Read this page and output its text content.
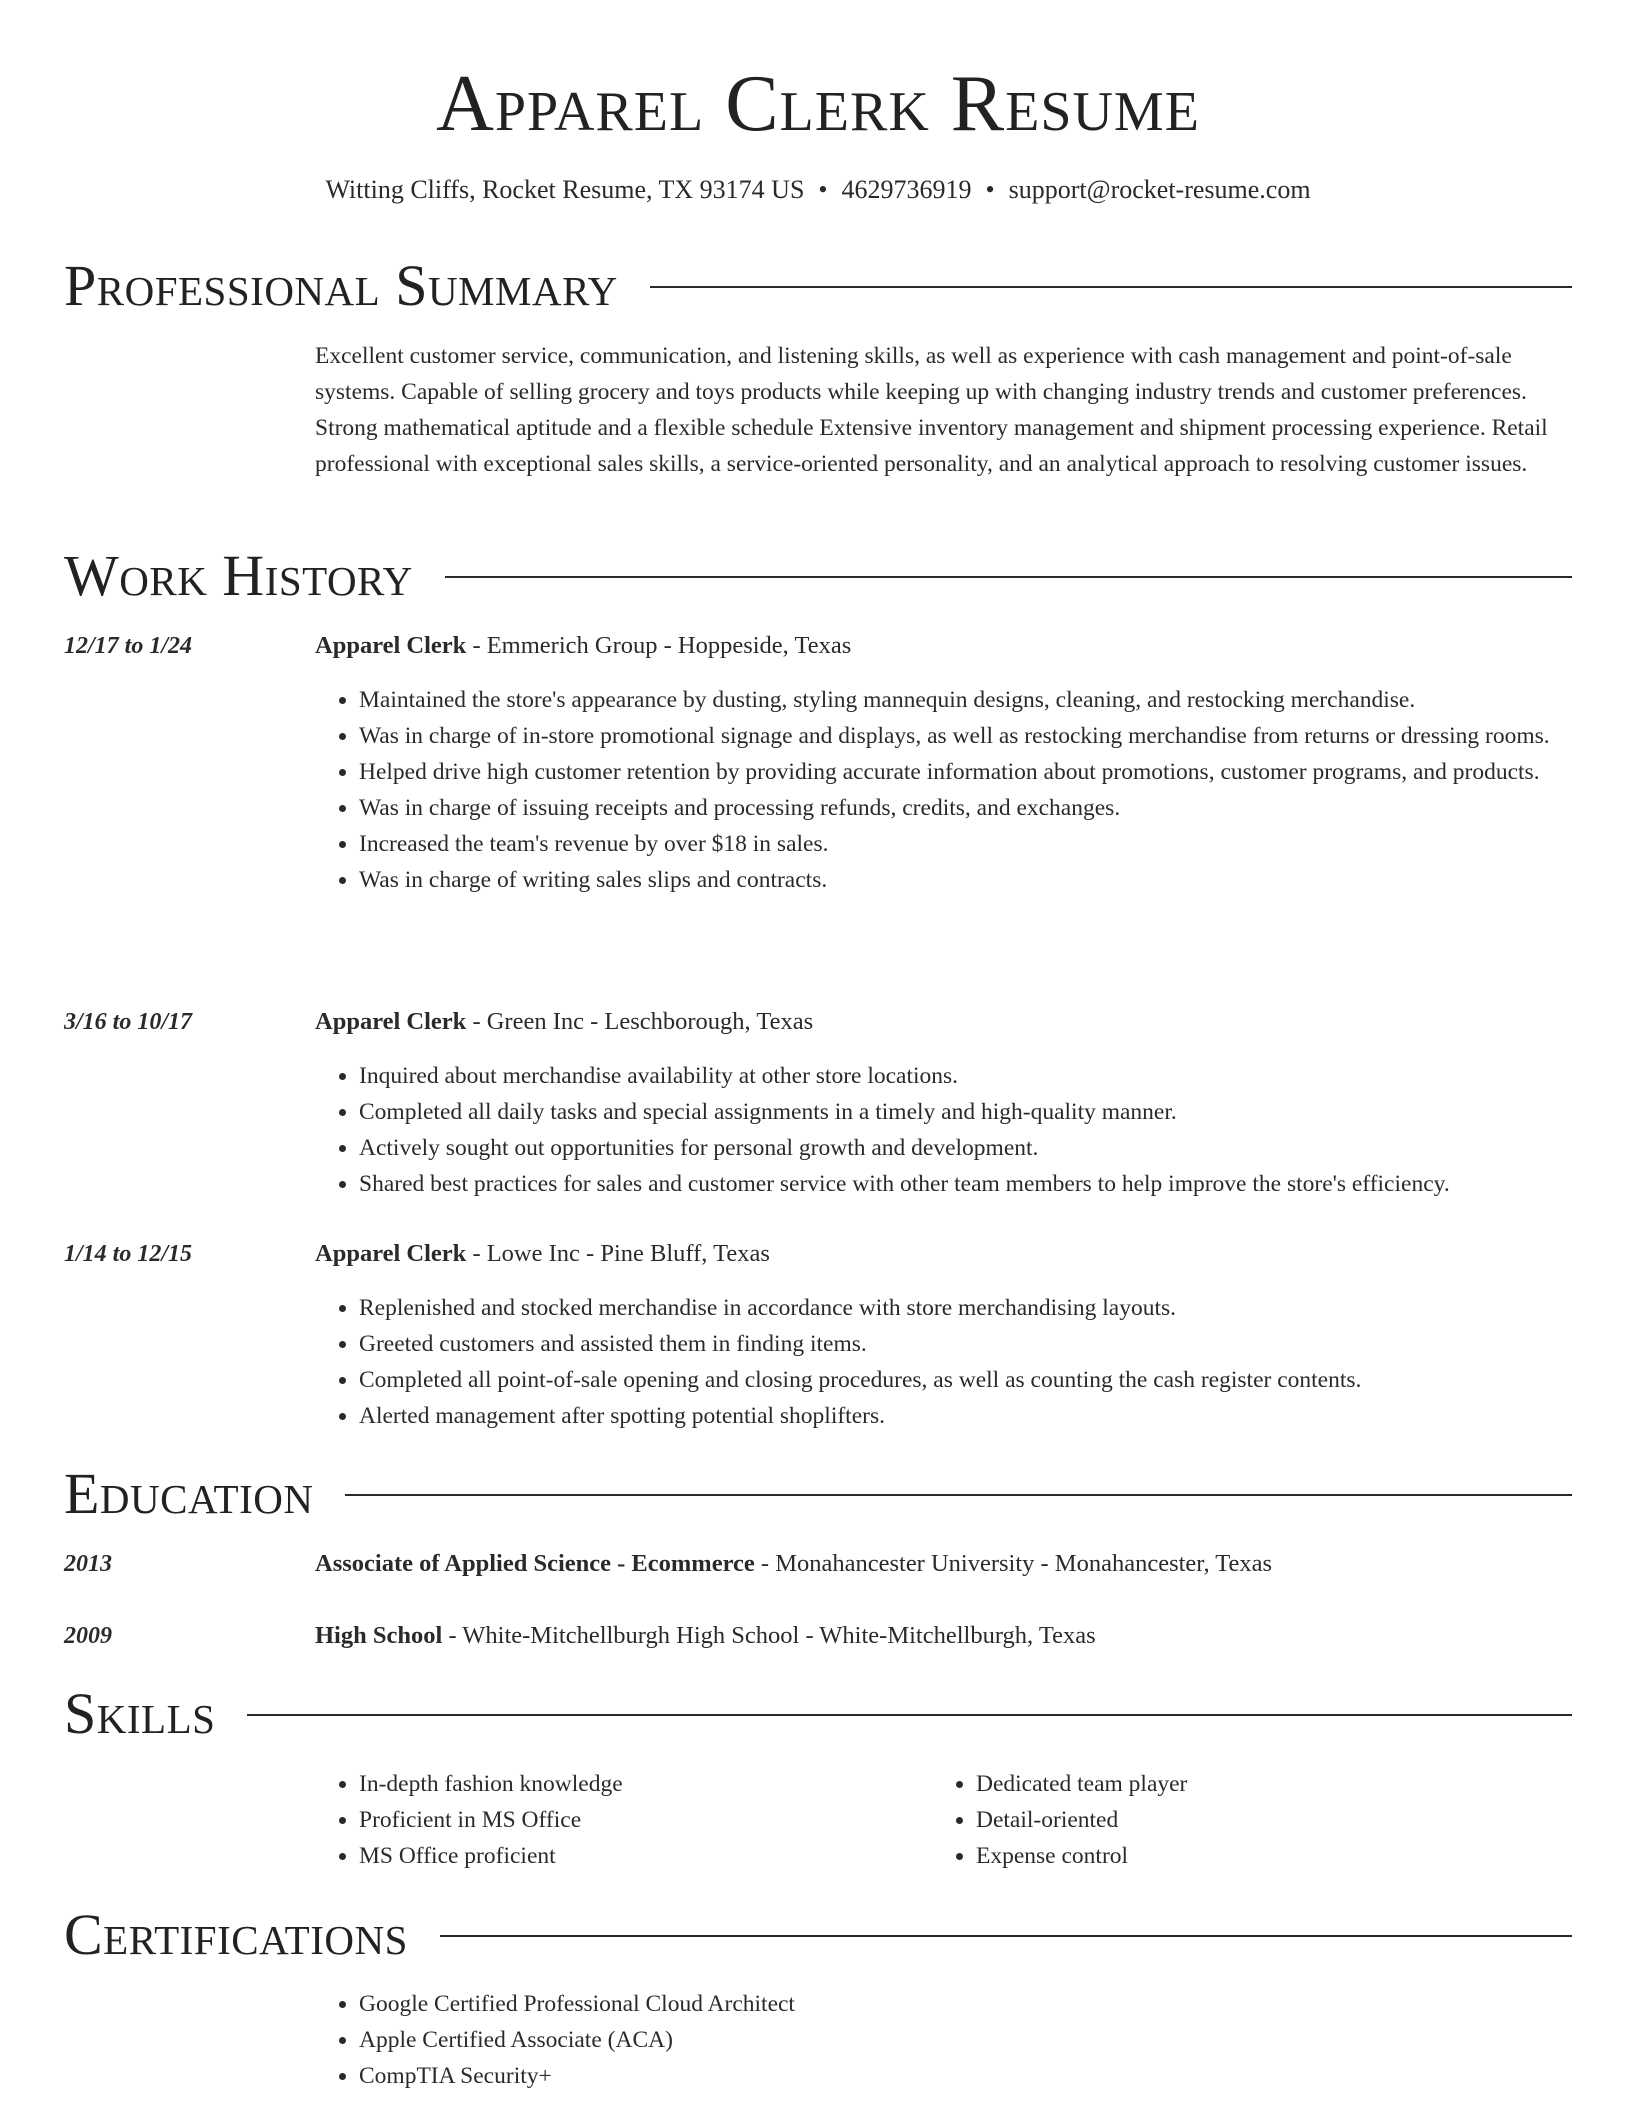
Apparel Clerk Resume
Witting Cliffs, Rocket Resume, TX 93174 US • 4629736919 • support@rocket-resume.com
Professional Summary
Excellent customer service, communication, and listening skills, as well as experience with cash management and point-of-sale systems. Capable of selling grocery and toys products while keeping up with changing industry trends and customer preferences. Strong mathematical aptitude and a flexible schedule Extensive inventory management and shipment processing experience. Retail professional with exceptional sales skills, a service-oriented personality, and an analytical approach to resolving customer issues.
Work History
12/17 to 1/24	Apparel Clerk - Emmerich Group - Hoppeside, Texas
• Maintained the store's appearance by dusting, styling mannequin designs, cleaning, and restocking merchandise.
• Was in charge of in-store promotional signage and displays, as well as restocking merchandise from returns or dressing rooms.
• Helped drive high customer retention by providing accurate information about promotions, customer programs, and products.
• Was in charge of issuing receipts and processing refunds, credits, and exchanges.
• Increased the team's revenue by over $18 in sales.
• Was in charge of writing sales slips and contracts.
3/16 to 10/17	Apparel Clerk - Green Inc - Leschborough, Texas
• Inquired about merchandise availability at other store locations.
• Completed all daily tasks and special assignments in a timely and high-quality manner.
• Actively sought out opportunities for personal growth and development.
• Shared best practices for sales and customer service with other team members to help improve the store's efficiency.
1/14 to 12/15	Apparel Clerk - Lowe Inc - Pine Bluff, Texas
• Replenished and stocked merchandise in accordance with store merchandising layouts.
• Greeted customers and assisted them in finding items.
• Completed all point-of-sale opening and closing procedures, as well as counting the cash register contents.
• Alerted management after spotting potential shoplifters.
Education
2013	Associate of Applied Science - Ecommerce - Monahancester University - Monahancester, Texas
2009	High School - White-Mitchellburgh High School - White-Mitchellburgh, Texas
Skills
• In-depth fashion knowledge
• Proficient in MS Office
• MS Office proficient
• Dedicated team player
• Detail-oriented
• Expense control
Certifications
• Google Certified Professional Cloud Architect
• Apple Certified Associate (ACA)
• CompTIA Security+
